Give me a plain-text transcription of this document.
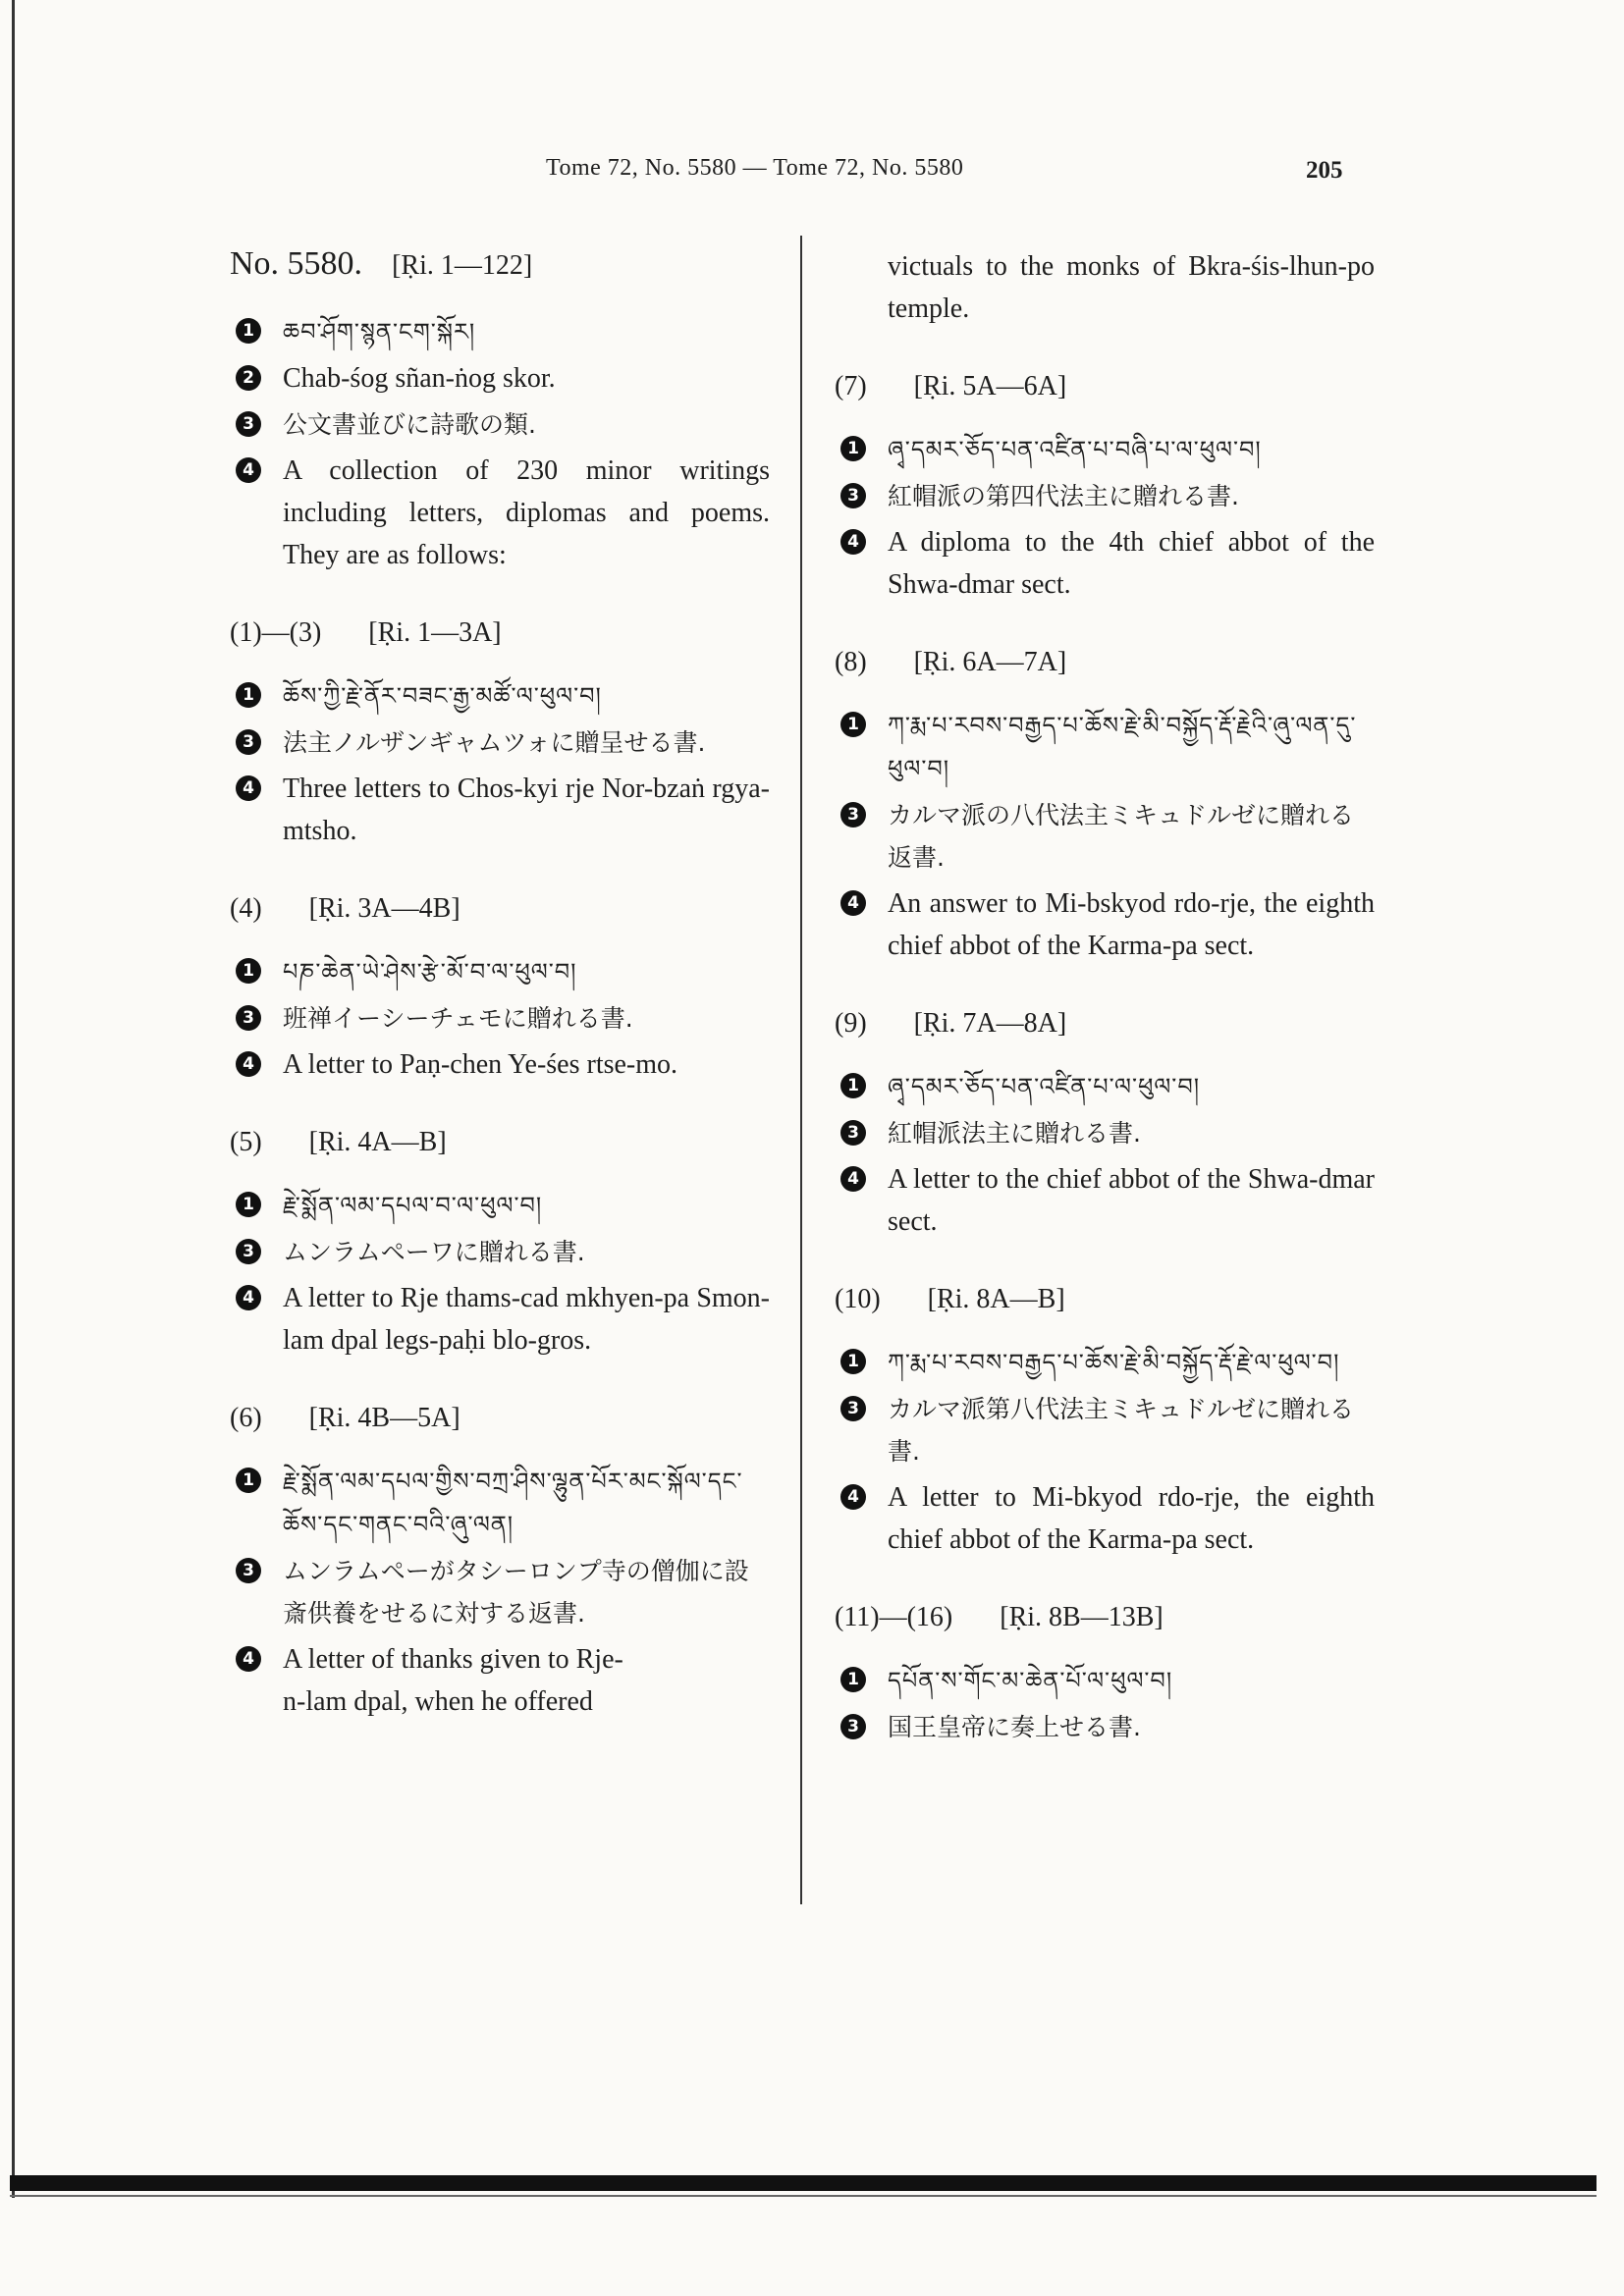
Tome 72, No. 5580 — Tome 72, No. 5580	205
No. 5580. [Ṛi. 1—122]
1 ཆབ་ཤོག་སྙན་ངག་སྐོར།
2 Chab-śog sñan-ṅog skor.
3 公文書並びに詩歌の類.
4 A collection of 230 minor writings including letters, diplomas and poems. They are as follows:
(1)—(3) [Ṛi. 1—3A]
1 ཆོས་ཀྱི་རྗེ་ནོར་བཟང་རྒྱ་མཚོ་ལ་ཕུལ་བ།
3 法主ノルザンギャムツォに贈呈せる書.
4 Three letters to Chos-kyi rje Nor-bzaṅ rgya-mtsho.
(4) [Ṛi. 3A—4B]
1 པཎ་ཆེན་ཡེ་ཤེས་རྩེ་མོ་བ་ལ་ཕུལ་བ།
3 班禅イーシーチェモに贈れる書.
4 A letter to Paṇ-chen Ye-śes rtse-mo.
(5) [Ṛi. 4A—B]
1 རྗེ་སྨོན་ལམ་དཔལ་བ་ལ་ཕུལ་བ།
3 ムンラムペーワに贈れる書.
4 A letter to Rje thams-cad mkhyen-pa Smon-lam dpal legs-paḥi blo-gros.
(6) [Ṛi. 4B—5A]
1 རྗེ་སྨོན་ལམ་དཔལ་གྱིས་བཀྲ་ཤིས་ལྷུན་པོར་མང་སྐོལ་དང་ཆོས་དང་གནང་བའི་ཞུ་ལན།
3 ムンラムペーがタシーロンプ寺の僧伽に設斎供養をせるに対する返書.
4 A letter of thanks given to Rje-
n-lam dpal, when he offered

victuals to the monks of Bkra-śis-lhun-po temple.

(7) [Ṛi. 5A—6A]
1 ཞྭ་དམར་ཅོད་པན་འཛིན་པ་བཞི་པ་ལ་ཕུལ་བ།
3 紅帽派の第四代法主に贈れる書.
4 A diploma to the 4th chief abbot of the Shwa-dmar sect.
(8) [Ṛi. 6A—7A]
1 ཀ་རྨ་པ་རབས་བརྒྱད་པ་ཆོས་རྗེ་མི་བསྐྱོད་རྡོ་རྗེའི་ཞུ་ལན་དུ་ཕུལ་བ།
3 カルマ派の八代法主ミキュドルゼに贈れる返書.
4 An answer to Mi-bskyod rdo-rje, the eighth chief abbot of the Karma-pa sect.
(9) [Ṛi. 7A—8A]
1 ཞྭ་དམར་ཅོད་པན་འཛིན་པ་ལ་ཕུལ་བ།
3 紅帽派法主に贈れる書.
4 A letter to the chief abbot of the Shwa-dmar sect.
(10) [Ṛi. 8A—B]
1 ཀ་རྨ་པ་རབས་བརྒྱད་པ་ཆོས་རྗེ་མི་བསྐྱོད་རྡོ་རྗེ་ལ་ཕུལ་བ།
3 カルマ派第八代法主ミキュドルゼに贈れる書.
4 A letter to Mi-bkyod rdo-rje, the eighth chief abbot of the Karma-pa sect.
(11)—(16) [Ṛi. 8B—13B]
1 དཔོན་ས་གོང་མ་ཆེན་པོ་ལ་ཕུལ་བ།
3 国王皇帝に奏上せる書.
